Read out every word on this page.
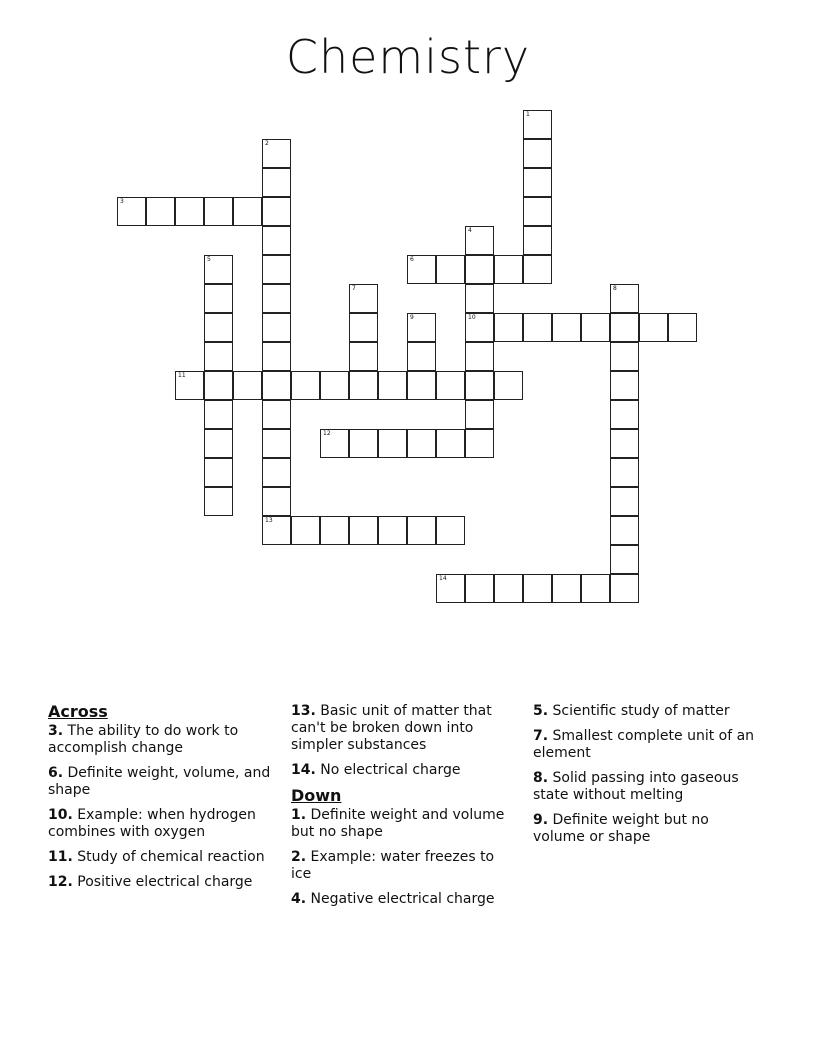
Chemistry
1
2
13
3
4
10
5	6
7	8
9
11
12
14
Across
3. The ability to do work to accomplish change
6. Definite weight, volume, and shape
10. Example: when hydrogen combines with oxygen
11. Study of chemical reaction
12. Positive electrical charge
13. Basic unit of matter that can't be broken down into simpler substances
14. No electrical charge
Down
1. Definite weight and volume but no shape
2. Example: water freezes to ice
4. Negative electrical charge
5. Scientific study of matter
7. Smallest complete unit of an element
8. Solid passing into gaseous state without melting
9. Definite weight but no volume or shape
